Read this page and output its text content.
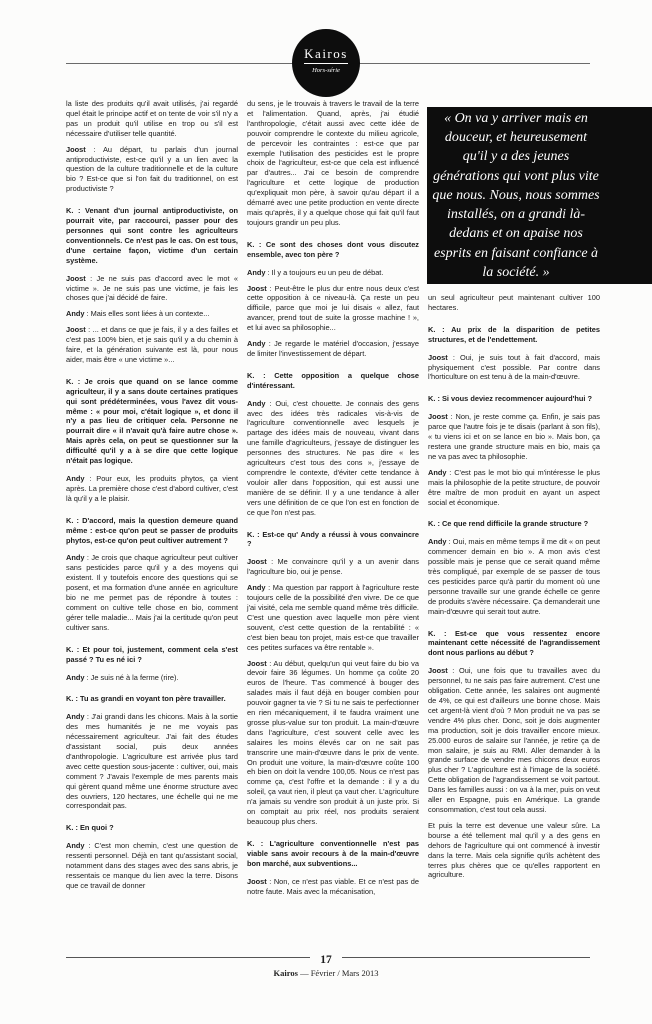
Kairos
Hors-série
« On va y arriver mais en douceur, et heureusement qu'il y a des jeunes générations qui vont plus vite que nous. Nous, nous sommes installés, on a grandi là-dedans et on apaise nos esprits en faisant confiance à la société. »

la liste des produits qu'il avait utilisés, j'ai regardé quel était le principe actif et on tente de voir s'il n'y a pas un produit qu'il utilise en trop ou s'il est nécessaire d'utiliser telle quantité.

Joost : Au départ, tu parlais d'un journal antiproductiviste, est-ce qu'il y a un lien avec la question de la culture traditionnelle et de la culture bio ? Est-ce que si l'on fait du traditionnel, on est productiviste ?

K. : Venant d'un journal antiproductiviste, on pourrait vite, par raccourci, passer pour des personnes qui sont contre les agriculteurs conventionnels. Ce n'est pas le cas. On est tous, d'une certaine façon, victime d'un certain système.

Joost : Je ne suis pas d'accord avec le mot « victime ». Je ne suis pas une victime, je fais les choses que j'ai décidé de faire.

Andy : Mais elles sont liées à un contexte...

Joost : ... et dans ce que je fais, il y a des failles et c'est pas 100% bien, et je sais qu'il y a du chemin à faire, et la génération suivante est là, pour nous aider, mais être « une victime »...

K. : Je crois que quand on se lance comme agriculteur, il y a sans doute certaines pratiques qui sont prédéterminées, vous l'avez dit vous-même : « pour moi, c'était logique », et donc il n'y a pas lieu de critiquer cela. Personne ne pourrait dire « il n'avait qu'à faire autre chose ». Mais après cela, on peut se questionner sur la difficulté qu'il y a à se dire que cette logique n'était pas logique.

Andy : Pour eux, les produits phytos, ça vient après. La première chose c'est d'abord cultiver, c'est là qu'il y a le plaisir.

K. : D'accord, mais la question demeure quand même : est-ce qu'on peut se passer de produits phytos, est-ce qu'on peut cultiver autrement ?

Andy : Je crois que chaque agriculteur peut cultiver sans pesticides parce qu'il y a des moyens qui existent. Il y toutefois encore des questions qui se posent, et ma formation d'une année en agriculture bio ne me permet pas de répondre à toutes : comment on cultive telle chose en bio, comment gérer telle maladie... Mais j'ai la certitude qu'on peut cultiver sans.

K. : Et pour toi, justement, comment cela s'est passé ? Tu es né ici ?

Andy : Je suis né à la ferme (rire).

K. : Tu as grandi en voyant ton père travailler.

Andy : J'ai grandi dans les chicons. Mais à la sortie des mes humanités je ne me voyais pas nécessairement agriculteur. J'ai fait des études d'assistant social, puis deux années d'anthropologie. L'agriculture est arrivée plus tard avec cette question sous-jacente : cultiver, oui, mais comment ? J'avais l'exemple de mes parents mais qui gèrent quand même une énorme structure avec des ouvriers, 120 hectares, une échelle qui ne me correspondait pas.

K. : En quoi ?

Andy : C'est mon chemin, c'est une question de ressenti personnel. Déjà en tant qu'assistant social, notamment dans des stages avec des sans abris, je ressentais ce manque du lien avec la terre. Disons que ce travail de donner

du sens, je le trouvais à travers le travail de la terre et l'alimentation. Quand, après, j'ai étudié l'anthropologie, c'était aussi avec cette idée de pouvoir comprendre le contexte du milieu agricole, de percevoir les contraintes : est-ce que par exemple l'utilisation des pesticides est le propre choix de l'agriculteur, est-ce que cela est influencé par d'autres... J'ai ce besoin de comprendre l'agriculture et cette logique de production qu'expliquait mon père, à savoir qu'au départ il a démarré avec une petite production en vente directe mais qu'après, il y a quelque chose qui fait qu'il faut toujours grandir un peu plus.

K. : Ce sont des choses dont vous discutez ensemble, avec ton père ?

Andy : Il y a toujours eu un peu de débat.

Joost : Peut-être le plus dur entre nous deux c'est cette opposition à ce niveau-là. Ça reste un peu difficile, parce que moi je lui disais « allez, faut avancer, prend tout de suite la grosse machine ! », et lui avec sa philosophie...

Andy : Je regarde le matériel d'occasion, j'essaye de limiter l'investissement de départ.

K. : Cette opposition a quelque chose d'intéressant.

Andy : Oui, c'est chouette. Je connais des gens avec des idées très radicales vis-à-vis de l'agriculture conventionnelle avec lesquels je partage des idées mais de nouveau, vivant dans une famille d'agriculteurs, j'essaye de distinguer les personnes des structures. Ne pas dire « les agriculteurs c'est tous des cons », j'essaye de comprendre le contexte, d'éviter cette tendance à vouloir aller dans l'opposition, qui est aussi une manière de se définir. Il y a une tendance à aller vers une définition de ce que l'on est en fonction de ce que l'on n'est pas.

K. : Est-ce qu' Andy a réussi à vous convaincre ?

Joost : Me convaincre qu'il y a un avenir dans l'agriculture bio, oui je pense.

Andy : Ma question par rapport à l'agriculture reste toujours celle de la possibilité d'en vivre. De ce que j'ai visité, cela me semble quand même très difficile. C'est une question avec laquelle mon père vient souvent, c'est cette question de la rentabilité : « c'est bien beau ton projet, mais est-ce que travailler ces petites surfaces va être rentable ».

Joost : Au début, quelqu'un qui veut faire du bio va devoir faire 36 légumes. Un homme ça coûte 20 euros de l'heure. T'as commencé à bouger des salades mais il faut déjà en bouger combien pour pouvoir gagner ta vie ? Si tu ne sais te perfectionner en rien mécaniquement, il te faudra vraiment une grosse plus-value sur ton produit. La main-d'œuvre dans l'agriculture, c'est souvent celle avec les salaires les moins élevés car on ne sait pas transcrire une main-d'œuvre dans le prix de vente. On produit une voiture, la main-d'œuvre coûte 100 eh bien on doit la vendre 100,05. Nous ce n'est pas comme ça, c'est l'offre et la demande : il y a du soleil, ça vaut rien, il pleut ça vaut cher. L'agriculture n'a jamais su vendre son produit à un juste prix. Si on comptait au prix réel, nos produits seraient beaucoup plus chers.

K. : L'agriculture conventionnelle n'est pas viable sans avoir recours à de la main-d'œuvre bon marché, aux subventions...

Joost : Non, ce n'est pas viable. Et ce n'est pas de notre faute. Mais avec la mécanisation,

un seul agriculteur peut maintenant cultiver 100 hectares.

K. : Au prix de la disparition de petites structures, et de l'endettement.

Joost : Oui, je suis tout à fait d'accord, mais physiquement c'est possible. Par contre dans l'horticulture on est tenu à de la main-d'œuvre.

K. : Si vous deviez recommencer aujourd'hui ?

Joost : Non, je reste comme ça. Enfin, je sais pas parce que l'autre fois je te disais (parlant à son fils), « tu viens ici et on se lance en bio ». Mais bon, ça restera une grande structure mais en bio, mais ça ne va pas avec ta philosophie.

Andy : C'est pas le mot bio qui m'intéresse le plus mais la philosophie de la petite structure, de pouvoir être maître de mon produit en ayant un aspect social et économique.

K. : Ce que rend difficile la grande structure ?

Andy : Oui, mais en même temps il me dit « on peut commencer demain en bio ». A mon avis c'est possible mais je pense que ce serait quand même très compliqué, par exemple de se passer de tous ces pesticides parce qu'à partir du moment où une personne travaille sur une grande échelle ce genre de produits s'avère nécessaire. Ça demanderait une main-d'œuvre qui serait tout autre.

K. : Est-ce que vous ressentez encore maintenant cette nécessité de l'agrandissement dont nous parlions au début ?

Joost : Oui, une fois que tu travailles avec du personnel, tu ne sais pas faire autrement. C'est une obligation. Cette année, les salaires ont augmenté de 4%, ce qui est d'ailleurs une bonne chose. Mais cet argent-là vient d'où ? Mon produit ne va pas se vendre 4% plus cher. Donc, soit je dois augmenter ma production, soit je dois travailler encore mieux. 25.000 euros de salaire sur l'année, je retire ça de mon salaire, je suis au RMI. Aller demander à la grande surface de vendre mes chicons deux euros plus cher ? L'agriculture est à l'image de la société. Cette obligation de l'agrandissement se voit partout. Dans les familles aussi : on va à la mer, puis on veut aller en Espagne, puis en Amérique. La grande consommation, c'est tout cela aussi.

Et puis la terre est devenue une valeur sûre. La bourse a été tellement mal qu'il y a des gens en dehors de l'agriculture qui ont commencé à investir dans la terre. Mais cela signifie qu'ils achètent des terres plus chères que ce qu'elles rapportent en agriculture.

17
Kairos — Février / Mars 2013
